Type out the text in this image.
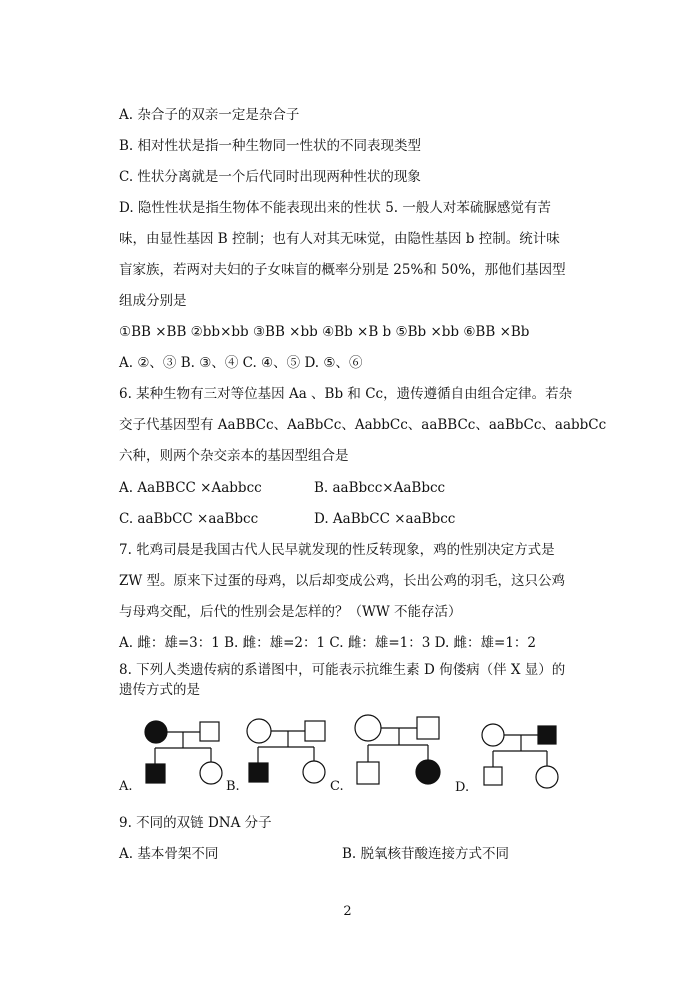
A. 杂合子的双亲一定是杂合子
B. 相对性状是指一种生物同一性状的不同表现类型
C. 性状分离就是一个后代同时出现两种性状的现象
D. 隐性性状是指生物体不能表现出来的性状 5. 一般人对苯硫脲感觉有苦
味，由显性基因 B 控制；也有人对其无味觉，由隐性基因 b 控制。统计味
盲家族，若两对夫妇的子女味盲的概率分别是 25%和 50%，那他们基因型
组成分别是
①BB ×BB ②bb×bb ③BB ×bb ④Bb ×B b ⑤Bb ×bb ⑥BB ×Bb
A. ②、③ B. ③、④ C. ④、⑤ D. ⑤、⑥
6. 某种生物有三对等位基因 Aa 、Bb 和 Cc，遗传遵循自由组合定律。若杂
交子代基因型有 AaBBCc、AaBbCc、AabbCc、aaBBCc、aaBbCc、aabbCc
六种，则两个杂交亲本的基因型组合是
A. AaBBCC ×Aabbcc	B. aaBbcc×AaBbcc
C. aaBbCC ×aaBbcc	D. AaBbCC ×aaBbcc
7. 牝鸡司晨是我国古代人民早就发现的性反转现象，鸡的性别决定方式是
ZW 型。原来下过蛋的母鸡，以后却变成公鸡，长出公鸡的羽毛，这只公鸡
与母鸡交配，后代的性别会是怎样的？（WW 不能存活）
A. 雌：雄=3：1 B. 雌：雄=2：1 C. 雌：雄=1：3 D. 雌：雄=1：2
8. 下列人类遗传病的系谱图中，可能表示抗维生素 D 佝偻病（伴 X 显）的
遗传方式的是
A.	B.	C.	D.
9. 不同的双链 DNA 分子
A. 基本骨架不同	B. 脱氧核苷酸连接方式不同
2
